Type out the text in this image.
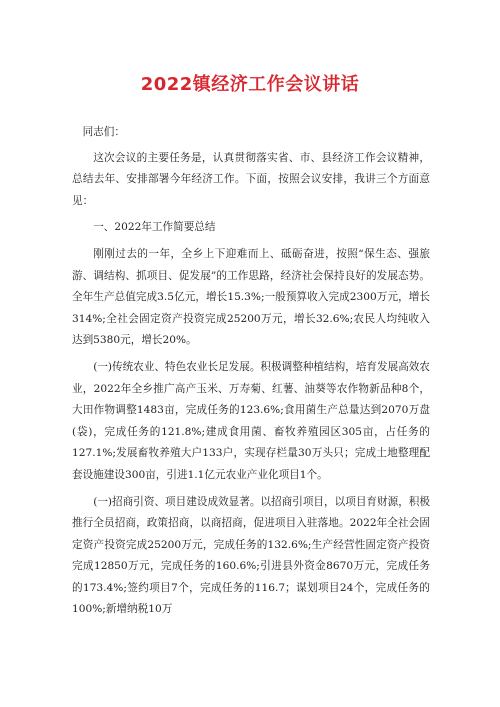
2022镇经济工作会议讲话

同志们：

这次会议的主要任务是，认真贯彻落实省、市、县经济工作会议精神，总结去年、安排部署今年经济工作。下面，按照会议安排，我讲三个方面意见：

一、2022年工作简要总结

刚刚过去的一年，全乡上下迎难而上、砥砺奋进，按照“保生态、强旅游、调结构、抓项目、促发展”的工作思路，经济社会保持良好的发展态势。全年生产总值完成3.5亿元，增长15.3%;一般预算收入完成2300万元，增长314%;全社会固定资产投资完成25200万元，增长32.6%;农民人均纯收入达到5380元，增长20%。

(一)传统农业、特色农业长足发展。积极调整种植结构，培育发展高效农业，2022年全乡推广高产玉米、万寿菊、红薯、油葵等农作物新品种8个，大田作物调整1483亩，完成任务的123.6%;食用菌生产总量达到2070万盘(袋)，完成任务的121.8%;建成食用菌、畜牧养殖园区305亩，占任务的127.1%;发展畜牧养殖大户133户，实现存栏量30万头只；完成土地整理配套设施建设300亩，引进1.1亿元农业产业化项目1个。

(一)招商引资、项目建设成效显著。以招商引项目，以项目育财源，积极推行全员招商，政策招商，以商招商，促进项目入驻落地。2022年全社会固定资产投资完成25200万元，完成任务的132.6%;生产经营性固定资产投资完成12850万元，完成任务的160.6%;引进县外资金8670万元，完成任务的173.4%;签约项目7个，完成任务的116.7；谋划项目24个，完成任务的100%;新增纳税10万
